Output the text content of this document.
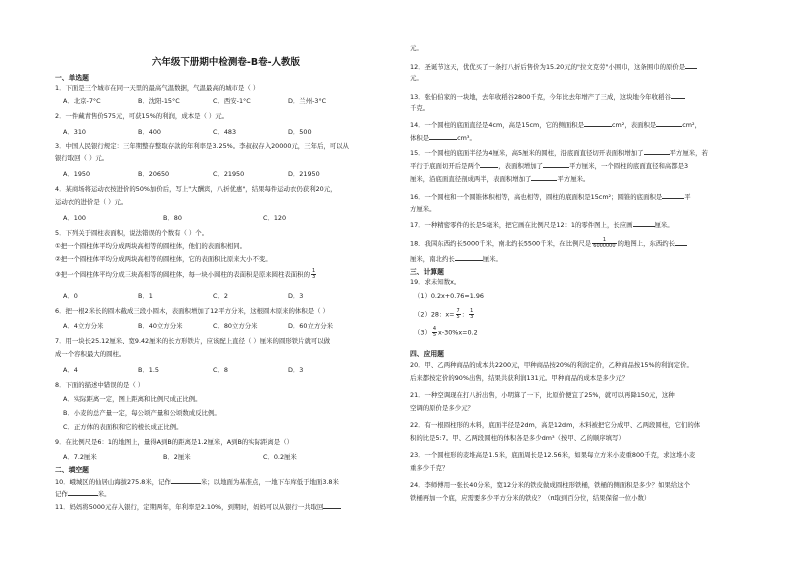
六年级下册期中检测卷-B卷-人教版
一、单选题
1．下面是三个城市在同一天里的最高气温数据，气温最高的城市是（ ）
A．北京-7°C	B．沈阳-15°C	C．西安-1°C	D．兰州-3°C
2．一件藏青售价575元，可获15%的利润，成本是（ ）元。
A．310	B．400	C．483	D．500
3．中国人民银行规定：三年期整存整取存款的年利率是3.25%。李叔叔存入20000元，三年后，可以从
银行取回（ ）元。
A．1950	B．20650	C．21950	D．21950
4．某商场将运动衣按进价的50%加价后，写上"大酬宾，八折优惠"，结果每件运动衣仍获利20元，
运动衣的进价是（ ）元。
A．100	B．80	C．120
5．下列关于圆柱表面积，说法错误的个数有（ ）个。
①把一个圆柱体平均分成两块高相等的圆柱体，他们的表面积相同。
②把一个圆柱体平均分成两块高相等的圆柱体，它的表面积比原来大小不变。
③把一个圆柱体平均分成三块高相等的圆柱体，每一块小圆柱的表面积是原来圆柱表面积的 $\frac{1}{3}$
A．0	B．1	C．2	D．3
6．把一根2米长的圆木截成三段小圆木，表面积增加了12平方分米，这根圆木原来的体积是（ ）
A．4立方分米	B．40立方分米	C．80立方分米	D．60立方分米
7．用一块长25.12厘米、宽9.42厘米的长方形铁片，应该配上直径（ ）厘米的圆形铁片就可以做
成一个容积最大的圆柱。
A．4	B．1.5	C．8	D．3
8．下面的描述中错误的是（ ）
A．实际距离一定，图上距离和比例尺成正比例。
B．小麦的总产量一定，每公顷产量和公顷数成反比例。
C．正方体的表面积和它的棱长成正比例。
9．在比例尺是6：1的地图上，量得A到B的距离是1.2厘米，A到B的实际距离是（）
A．7.2厘米	B．2厘米	C．0.2厘米
二、填空题
10．峨城区的仙居山海拔275.8米，记作	米；以地面为基准点，一地下车库低于地面3.8米
记作	米。
11．妈妈将5000元存入银行，定期两年，年利率是2.10%，到期时，妈妈可以从银行一共取回
元。
12．圣诞节这天，优优买了一条打八折后售价为15.20元的"拉文克劳"小围巾，这条围巾的原价是
元。
13．张伯伯家的一块地，去年收稻谷2800千克，今年比去年增产了三成，这块地今年收稻谷
千克。
14．一个圆柱的底面直径是4cm，高是15cm，它的侧面积是	cm²，表面积是	cm²，
体积是	cm³。
15．一个圆柱的底面半径为4厘米，高5厘米的圆柱，沿底面直径切开表面积增加了	平方厘米，若
平行于底面切开后是两个	，表面积增加了	平方厘米，一个圆柱的底面直径和高都是3
厘米，沿底面直径剖成两半，表面积增加了	平方厘米。
16．一个圆柱和一个圆锥体积相等，高也相等，圆柱的底面积是15cm²；圆锥的底面积是	平
方厘米。
17．一种精密零件的长是5毫米，把它画在比例尺是12：1的零件图上，长应画	厘米。
18．我国东西约长5000千米，南北约长5500千米，在比例尺是 $\frac{1}{6000000}$ 的地图上，东西约长
厘米，南北约长	厘米。
三、计算题
19．求未知数x。
（1）0.2x+0.76=1.96
（2）28：$x= \frac{7}{5}$ ： $\frac{1}{3}$
$(3) \frac{4}{5} x-30\%x=0.2$
四、应用题
20．甲、乙两种商品的成本共2200元，甲种商品按20%的利润定价，乙种商品按15%的利润定价。
后来都按定价的90%出售，结果共获利润131元。甲种商品的成本是多少元？
21．一种空调现在打八折出售，小明算了一下，比原价便宜了25%，就可以再降150元，这种
空调的原价是多少元？
22．有一根圆柱形的木料，底面半径是2dm，高是12dm，木料被把它分成甲、乙两段圆柱，它们的体
积的比是5:7。甲、乙两段圆柱的体积各是多少dm³（按甲、乙的顺序填写）
23．一个圆柱形的麦堆高是1.5米，底面周长是12.56米，如果每立方米小麦重800千克，求这堆小麦
重多少千克？
24．李师傅用一张长40分米，宽12分米的铁皮做成圆柱形铁桶，铁桶的侧面积是多少？如果给这个
铁桶再加一个底，应需要多少平方分米的铁皮？（π取到百分位，结果保留一位小数）
